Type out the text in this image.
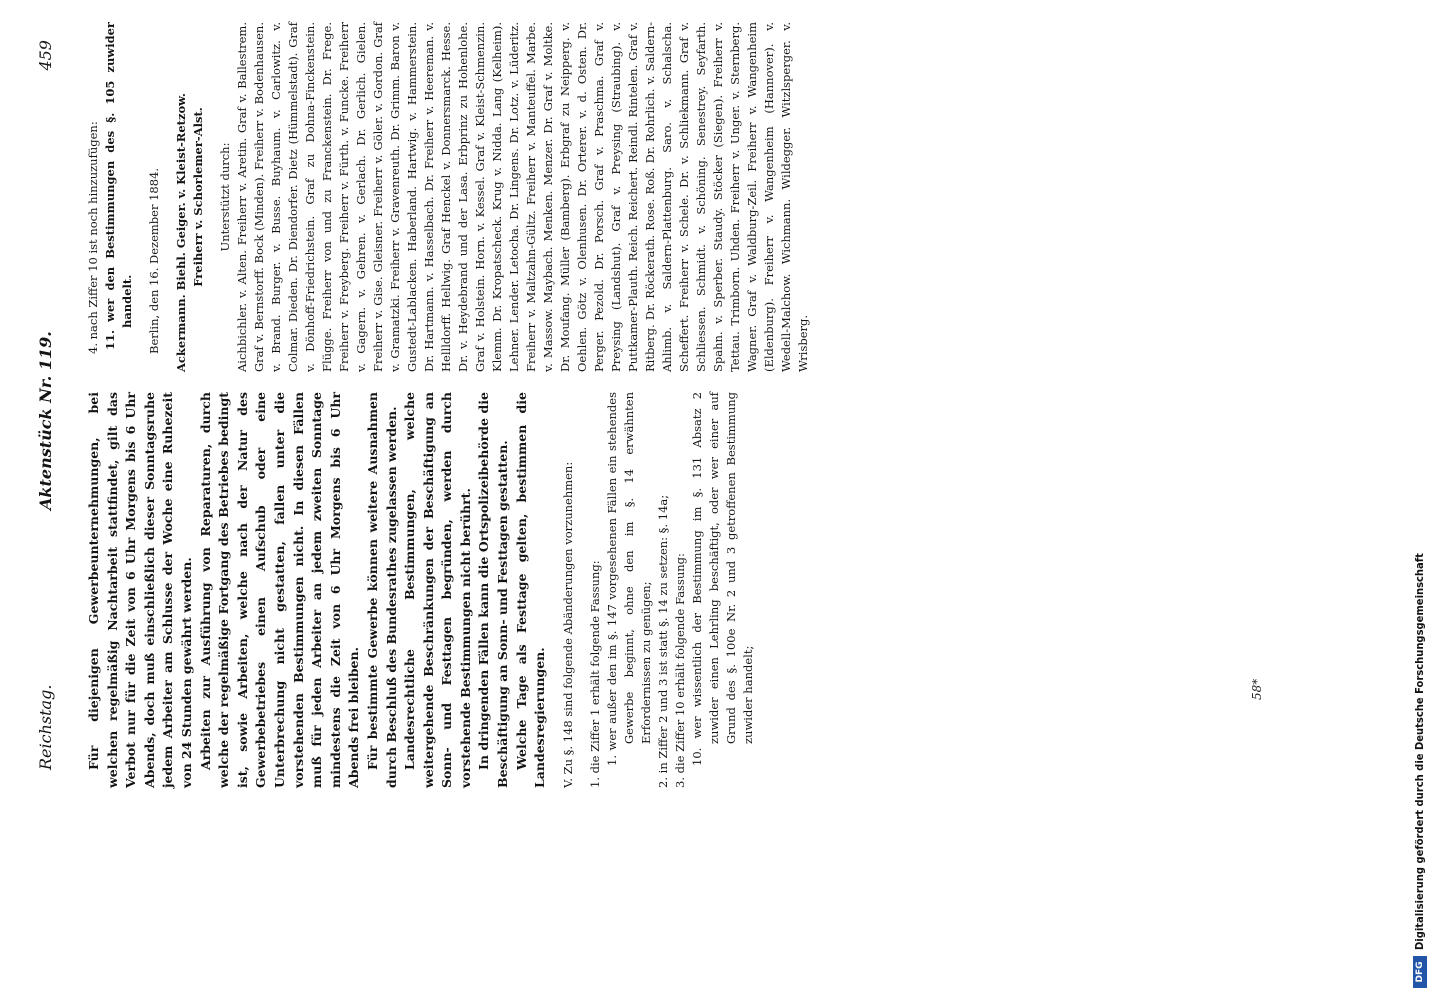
Reichstag.
Aktenstück Nr. 119.
459

Für diejenigen Gewerbeunternehmungen, bei welchen regelmäßig Nachtarbeit stattfindet, gilt das Verbot nur für die Zeit von 6 Uhr Morgens bis 6 Uhr Abends, doch muß einschließlich dieser Sonntagsruhe jedem Arbeiter am Schlusse der Woche eine Ruhezeit von 24 Stunden gewährt werden. Arbeiten zur Ausführung von Reparaturen, durch welche der regelmäßige Fortgang des Betriebes bedingt ist, sowie Arbeiten, welche nach der Natur des Gewerbebetriebes einen Aufschub oder eine Unterbrechung nicht gestatten, fallen unter die vorstehenden Bestimmungen nicht. In diesen Fällen muß für jeden Arbeiter an jedem zweiten Sonntage mindestens die Zeit von 6 Uhr Morgens bis 6 Uhr Abends frei bleiben. Für bestimmte Gewerbe können weitere Ausnahmen durch Beschluß des Bundesrathes zugelassen werden. Landesrechtliche Bestimmungen, welche weitergehende Beschränkungen der Beschäftigung an Sonn- und Festtagen begründen, werden durch vorstehende Bestimmungen nicht berührt. In dringenden Fällen kann die Ortspolizeibehörde die Beschäftigung an Sonn- und Festtagen gestatten. Welche Tage als Festtage gelten, bestimmen die Landesregierungen. V. Zu §. 148 sind folgende Abänderungen vorzunehmen: 1. die Ziffer 1 erhält folgende Fassung: 1. wer außer den im §. 147 vorgesehenen Fällen ein stehendes Gewerbe beginnt, ohne den im §. 14 erwähnten Erfordernissen zu genügen;

2. in Ziffer 2 und 3 ist statt §. 14 zu setzen: §. 14a;

3. die Ziffer 10 erhält folgende Fassung: 10. wer wissentlich der Bestimmung im §. 131 Absatz 2 zuwider einen Lehrling beschäftigt, oder wer einer auf Grund des §. 100e Nr. 2 und 3 getroffenen Bestimmung zuwider handelt;

4. nach Ziffer 10 ist noch hinzuzufügen: 11. wer den Bestimmungen des §. 105 zuwider handelt. Berlin, den 16. Dezember 1884. Ackermann. Biehl. Geiger. v. Kleist-Retzow. Freiherr v. Schorlemer-Alst. Unterstützt durch: Aichbichler. v. Alten. Freiherr v. Aretin. Graf v. Ballestrem. Graf v. Bernstorff. Bock (Minden). Freiherr v. Bodenhausen. v. Brand. Burger. v. Busse. Buyhaum. v. Carlowitz. v. Colmar. Dieden. Dr. Diendorfer. Dietz (Hümmelstadt). Graf v. Dönhoff-Friedrichstein. Graf zu Dohna-Finckenstein. Flügge. Freiherr von und zu Franckenstein. Dr. Frege. Freiherr v. Freyberg. Freiherr v. Fürth. v. Funcke. Freiherr v. Gagern. v. Gehren. v. Gerlach. Dr. Gerlich. Gielen. Freiherr v. Gise. Gleisner. Freiherr v. Göler. v. Gordon. Graf v. Gramatzki. Freiherr v. Gravenreuth. Dr. Grimm. Baron v. Gustedt-Lablacken. Haberland. Hartwig. v. Hammerstein. Dr. Hartmann. v. Hasselbach. Dr. Freiherr v. Heereman. v. Hellldorff. Hellwig. Graf Henckel v. Donnersmarck. Hesse. Dr. v. Heydebrand und der Lasa. Erbprinz zu Hohenlohe. Graf v. Holstein. Horn. v. Kessel. Graf v. Kleist-Schmenzin. Klemm. Dr. Kropatscheck. Krug v. Nidda. Lang (Kelheim). Lehner. Lender. Letocha. Dr. Lingens. Dr. Lotz. v. Lüderitz. Freiherr v. Maltzahn-Gültz. Freiherr v. Manteuffel. Marbe. v. Massow. Maybach. Menken. Menzer. Dr. Graf v. Moltke. Dr. Moufang. Müller (Bamberg). Erbgraf zu Neipperg. v. Oehlen. Götz v. Olenhusen. Dr. Orterer. v. d. Osten. Dr. Perger. Pezold. Dr. Porsch. Graf v. Praschma. Graf v. Preysing (Landshut). Graf v. Preysing (Straubing). v. Puttkamer-Plauth. Reich. Reichert. Reindl. Rintelen. Graf v. Ritberg. Dr. Röckerath. Rose. Roß. Dr. Rohrlich. v. Saldern-Ahlimb. v. Saldern-Plattenburg. Saro. v. Schalscha. Scheffert. Freiherr v. Schele. Dr. v. Schliekmann. Graf v. Schliessen. Schmidt. v. Schöning. Senestrey. Seyfarth. Spahn. v. Sperber. Staudy. Stöcker (Siegen). Freiherr v. Tettau. Trimborn. Uhden. Freiherr v. Unger. v. Sternberg. Wagner. Graf v. Waldburg-Zeil. Freiherr v. Wangenheim (Eldenburg). Freiherr v. Wangenheim (Hannover). v. Wedell-Malchow. Wichmann. Wildegger. Witzlsperger. v. Wrisberg.

58*
DFG
Digitalisierung gefördert durch die Deutsche Forschungsgemeinschaft
